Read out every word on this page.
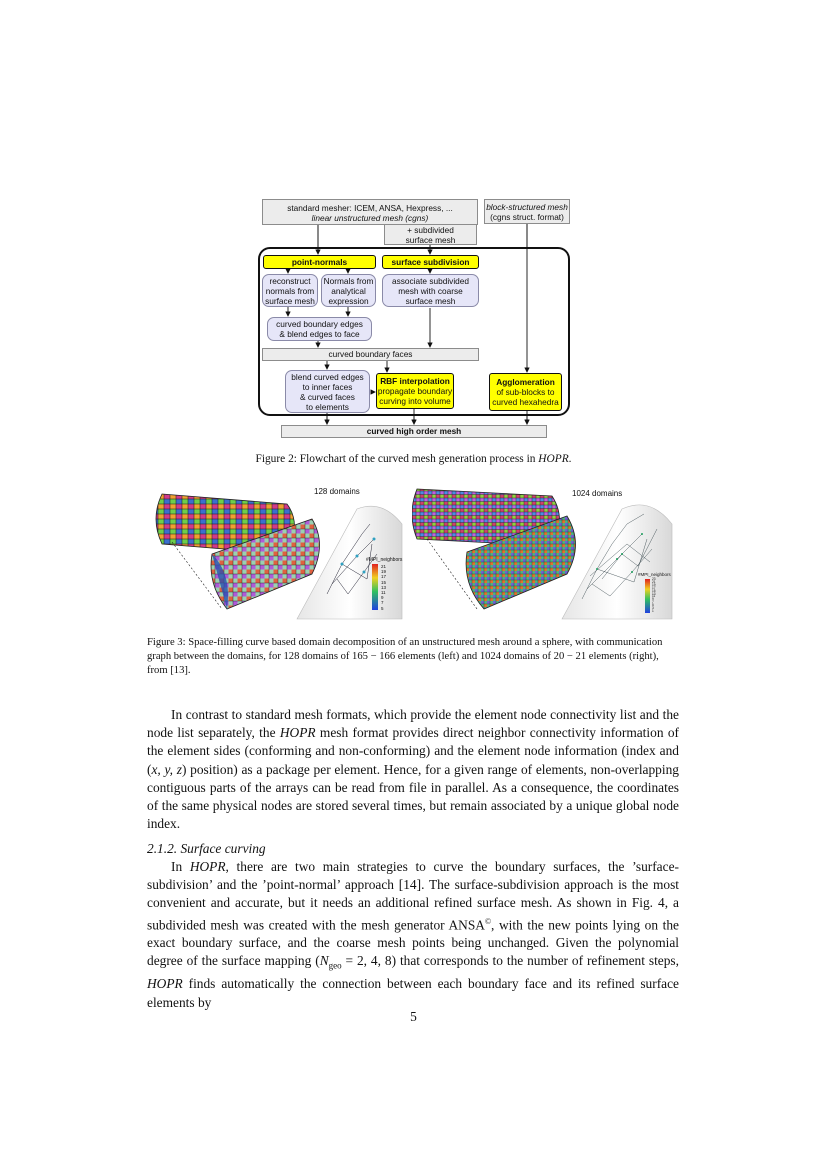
standard mesher: ICEM, ANSA, Hexpress, ...
linear unstructured mesh (cgns)
block-structured mesh
(cgns struct. format)
+ subdivided
surface mesh
point-normals	surface subdivision
reconstruct
normals from
surface mesh
Normals from
analytical
expression
associate subdivided
mesh with coarse
surface mesh
curved boundary edges
& blend edges to face
curved boundary faces
blend curved edges
to inner faces
& curved faces
to elements
RBF interpolation
propagate boundary
curving into volume
Agglomeration
of sub-blocks to
curved hexahedra
curved high order mesh
Figure 2: Flowchart of the curved mesh generation process in HOPR.
128 domains
#MPI_neighbors
21
19
17
15
13
11
9
7
5
1024 domains
#MPI_neighbors
23
21
19
17
15
13
11
9
7
5
3
1
Figure 3: Space-filling curve based domain decomposition of an unstructured mesh around a sphere, with communication
graph between the domains, for 128 domains of 165 − 166 elements (left) and 1024 domains of 20 − 21 elements (right),
from [13].
In contrast to standard mesh formats, which provide the element node connectivity list and the node list separately, the HOPR mesh format provides direct neighbor connectivity information of the element sides (conforming and non-conforming) and the element node information (index and (x, y, z) position) as a package per element. Hence, for a given range of elements, non-overlapping contiguous parts of the arrays can be read from file in parallel. As a consequence, the coordinates of the same physical nodes are stored several times, but remain associated by a unique global node index.
2.1.2. Surface curving
In HOPR, there are two main strategies to curve the boundary surfaces, the ’surface-subdivision’ and the ’point-normal’ approach [14]. The surface-subdivision approach is the most convenient and accurate, but it needs an additional refined surface mesh. As shown in Fig. 4, a subdivided mesh was created with the mesh generator ANSA©, with the new points lying on the exact boundary surface, and the coarse mesh points being unchanged. Given the polynomial degree of the surface mapping ($N_{geo} = 2$, 4, 8) that corresponds to the number of refinement steps, HOPR finds automatically the connection between each boundary face and its refined surface elements by
5
